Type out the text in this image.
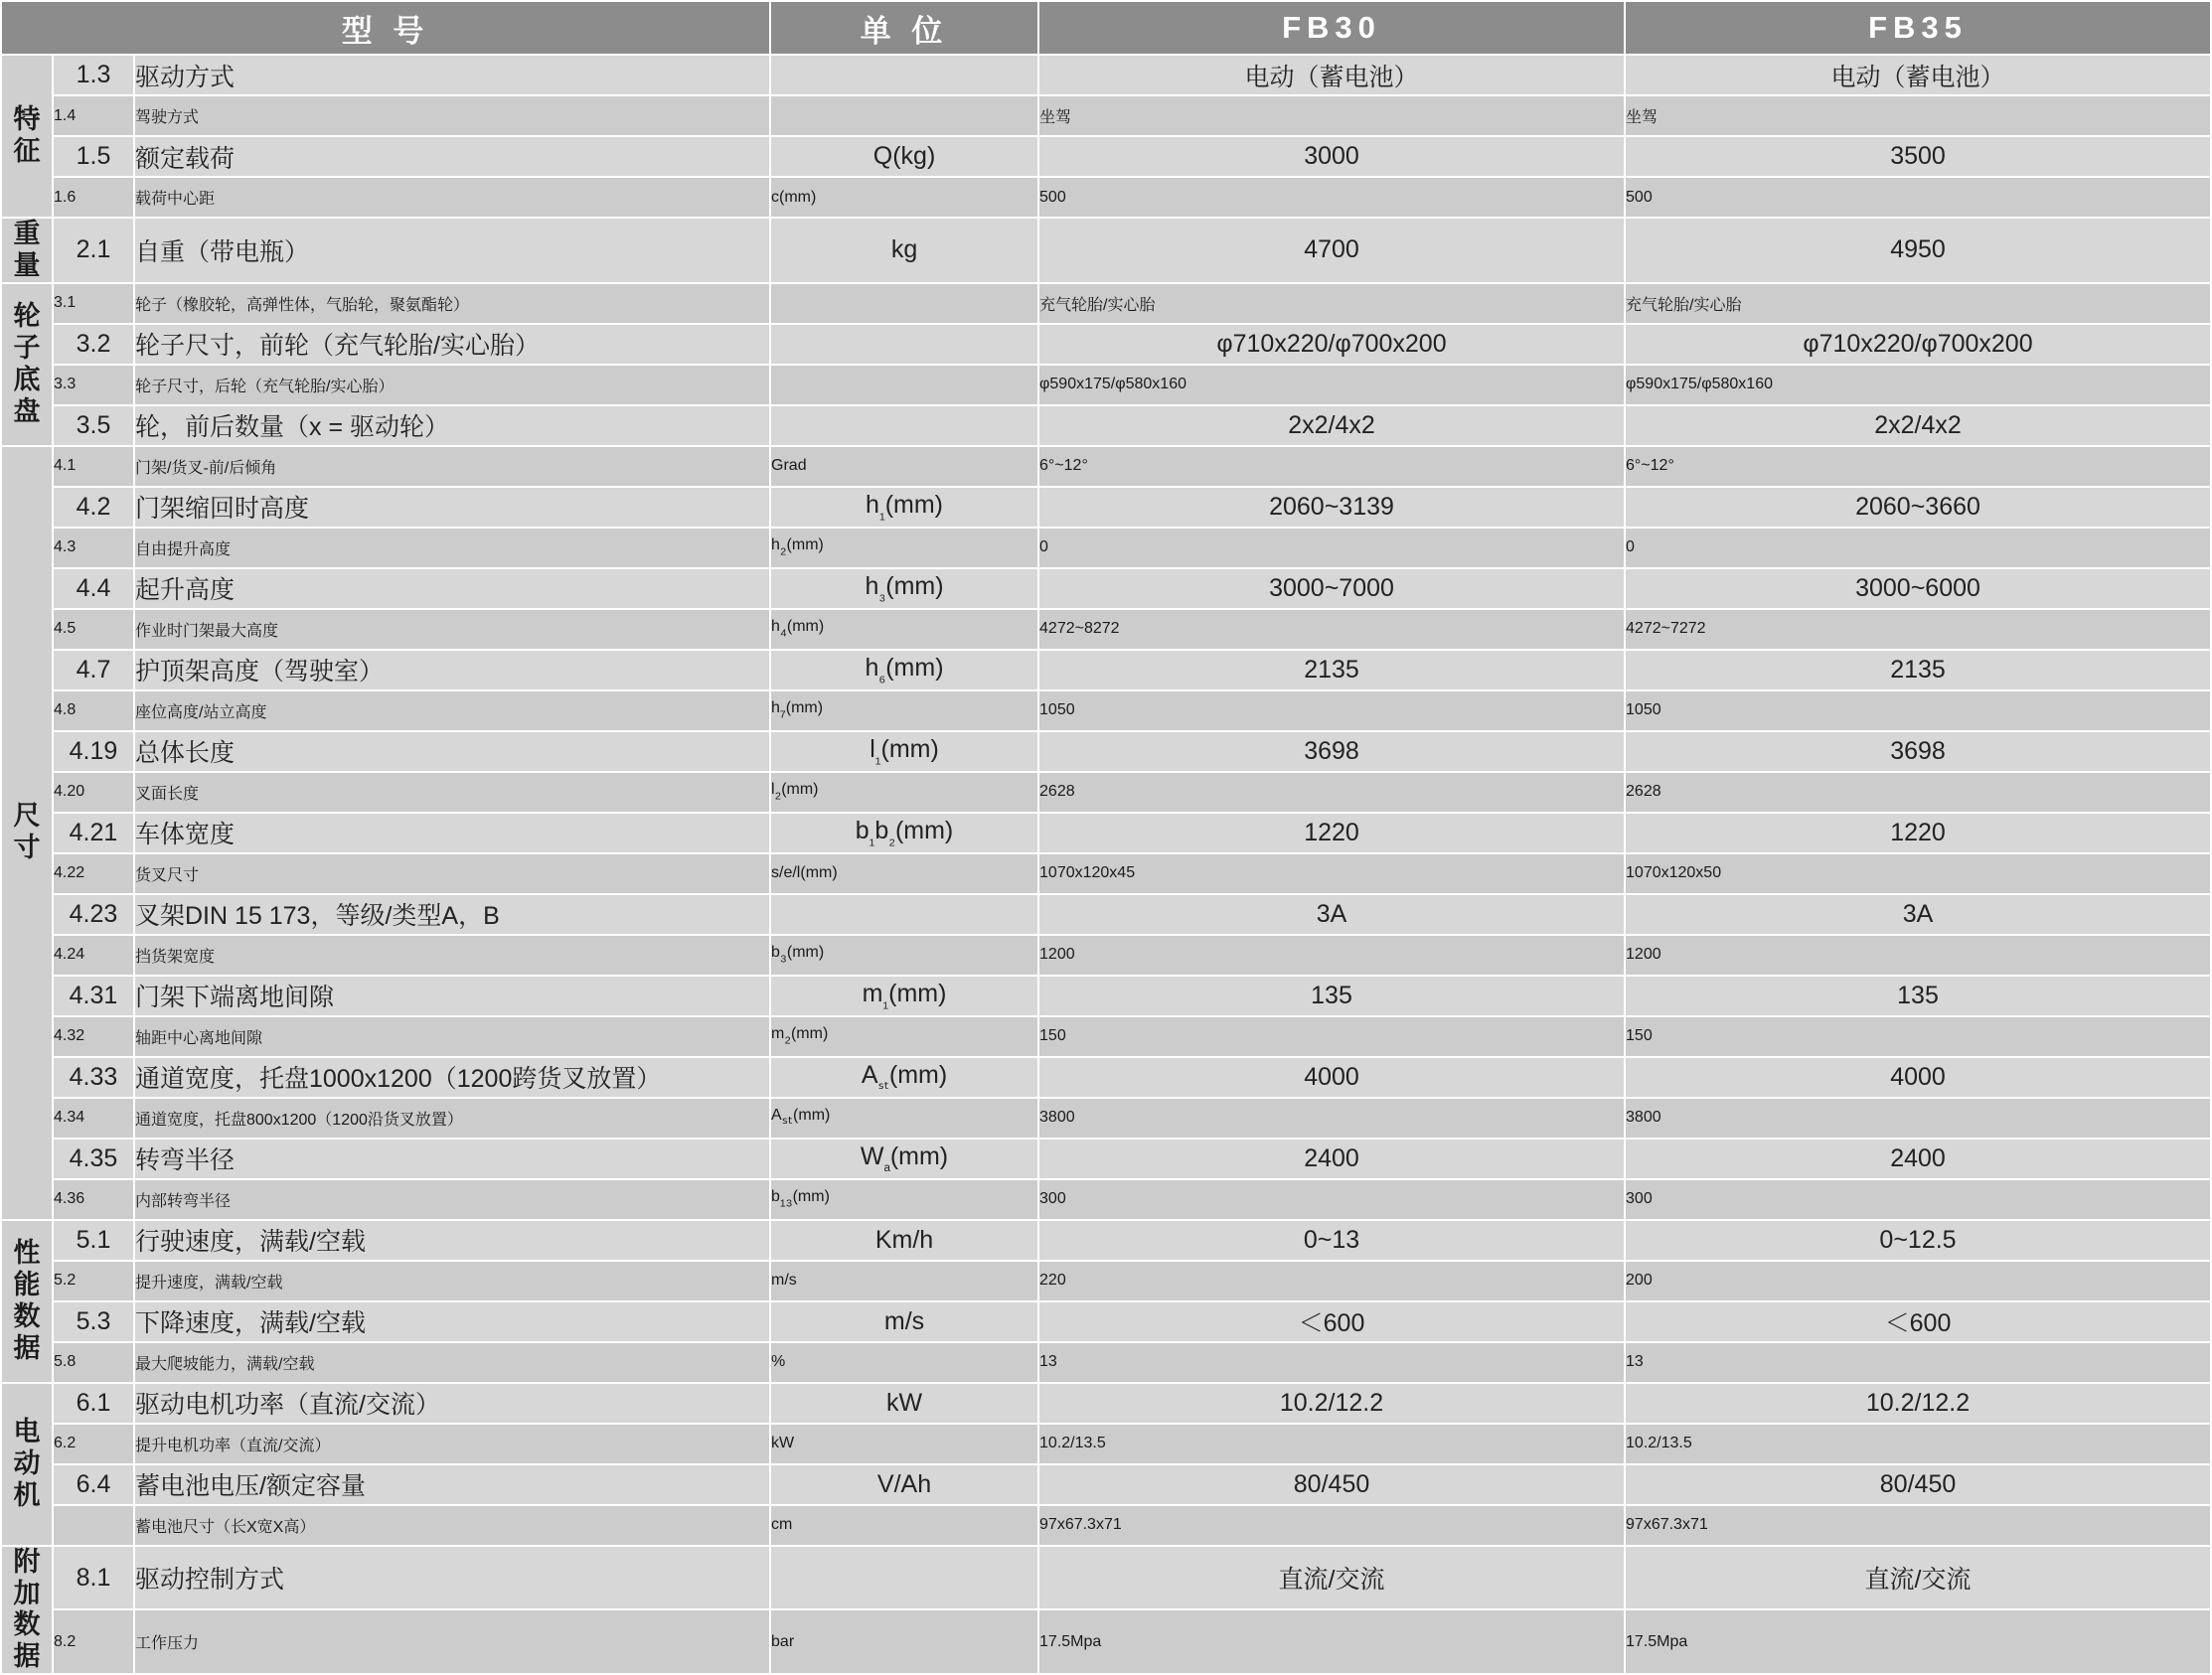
型 号			单 位	FB30	FB35

特
征	1.3	驱动方式		电动（蓄电池）	电动（蓄电池）
	1.4	驾驶方式		坐驾	坐驾
	1.5	额定载荷	Q(kg)	3000	3500
	1.6	载荷中心距	c(mm)	500	500

重
量	2.1	自重（带电瓶）	kg	4700	4950

轮
子
底
盘	3.1	轮子（橡胶轮，高弹性体，气胎轮，聚氨酯轮）		充气轮胎/实心胎	充气轮胎/实心胎
	3.2	轮子尺寸，前轮（充气轮胎/实心胎）		φ710x220/φ700x200	φ710x220/φ700x200
	3.3	轮子尺寸，后轮（充气轮胎/实心胎）		φ590x175/φ580x160	φ590x175/φ580x160
	3.5	轮，前后数量（x = 驱动轮）		2x2/4x2	2x2/4x2

尺
寸	4.1	门架/货叉-前/后倾角	Grad	6°~12°	6°~12°
	4.2	门架缩回时高度	$h_{_1}(mm)$	2060~3139	2060~3660
	4.3	自由提升高度	$h_{_2}(mm)$	0	0
	4.4	起升高度	$h_{_3}(mm)$	3000~7000	3000~6000
	4.5	作业时门架最大高度	$h_{_4}(mm)$	4272~8272	4272~7272
	4.7	护顶架高度（驾驶室）	$h_{_6}(mm)$	2135	2135
	4.8	座位高度/站立高度	$h_{_7}(mm)$	1050	1050
	4.19	总体长度	$l_{_1}(mm)$	3698	3698
	4.20	叉面长度	$l_{_2}(mm)$	2628	2628
	4.21	车体宽度	$b_{_1}b_{_2}(mm)$	1220	1220
	4.22	货叉尺寸	s/e/l(mm)	1070x120x45	1070x120x50
	4.23	叉架DIN 15 173，等级/类型A，B		3A	3A
	4.24	挡货架宽度	$b_{_3}(mm)$	1200	1200
	4.31	门架下端离地间隙	$m_{_1}(mm)$	135	135
	4.32	轴距中心离地间隙	$m_{_2}(mm)$	150	150
	4.33	通道宽度，托盘1000x1200（1200跨货叉放置）	$A_{_{st}}(mm)$	4000	4000
	4.34	通道宽度，托盘800x1200（1200沿货叉放置）	$A_{_{st}}(mm)$	3800	3800
	4.35	转弯半径	$W_{_a}(mm)$	2400	2400
	4.36	内部转弯半径	$b_{_{13}}(mm)$	300	300

性
能
数
据	5.1	行驶速度，满载/空载	Km/h	0~13	0~12.5
	5.2	提升速度，满载/空载	m/s	220	200
	5.3	下降速度，满载/空载	m/s	＜600	＜600
	5.8	最大爬坡能力，满载/空载	%	13	13

电
动
机	6.1	驱动电机功率（直流/交流）	kW	10.2/12.2	10.2/12.2
	6.2	提升电机功率（直流/交流）	kW	10.2/13.5	10.2/13.5
	6.4	蓄电池电压/额定容量	V/Ah	80/450	80/450
		蓄电池尺寸（长X宽X高）	cm	97x67.3x71	97x67.3x71

附
加
数
据	8.1	驱动控制方式		直流/交流	直流/交流
	8.2	工作压力	bar	17.5Mpa	17.5Mpa
